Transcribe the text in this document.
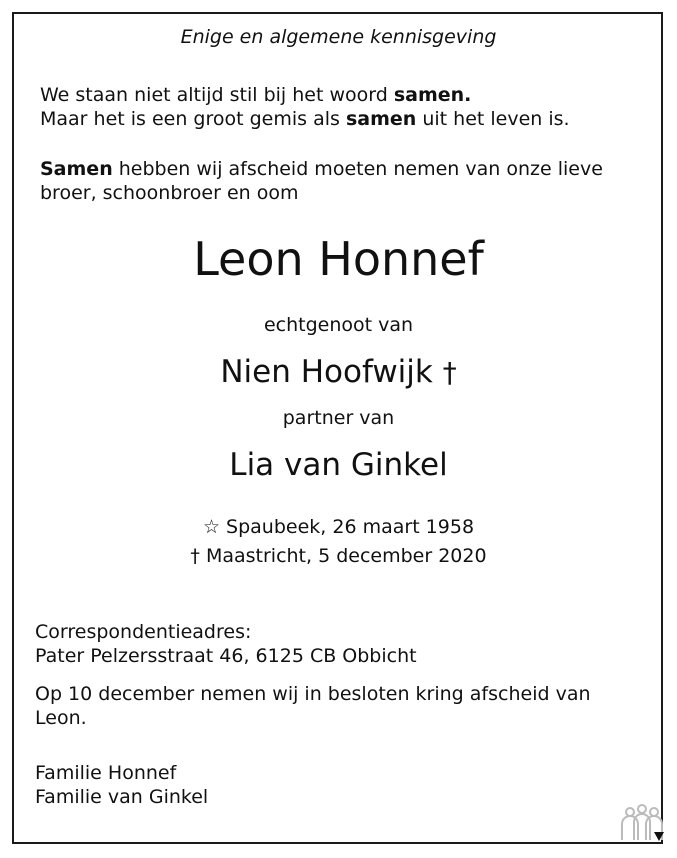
Enige en algemene kennisgeving
We staan niet altijd stil bij het woord samen.
Maar het is een groot gemis als samen uit het leven is.
Samen hebben wij afscheid moeten nemen van onze lieve
broer, schoonbroer en oom
Leon Honnef
echtgenoot van
Nien Hoofwijk †
partner van
Lia van Ginkel
☆ Spaubeek, 26 maart 1958
† Maastricht, 5 december 2020
Correspondentieadres:
Pater Pelzersstraat 46, 6125 CB Obbicht
Op 10 december nemen wij in besloten kring afscheid van
Leon.
Familie Honnef
Familie van Ginkel
